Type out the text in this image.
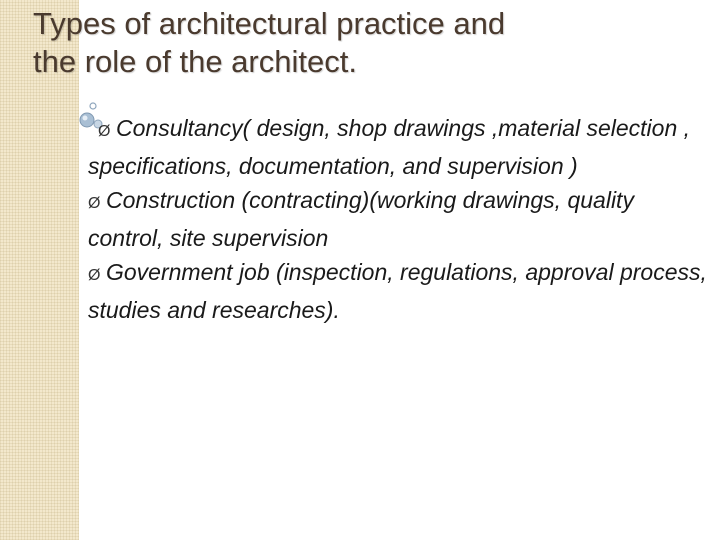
Types of architectural practice and
the role of the architect.

Ø Consultancy( design, shop drawings ,material selection , specifications, documentation, and supervision )

Ø Construction (contracting)(working drawings, quality control, site supervision

Ø Government job (inspection, regulations, approval process, studies and researches).
